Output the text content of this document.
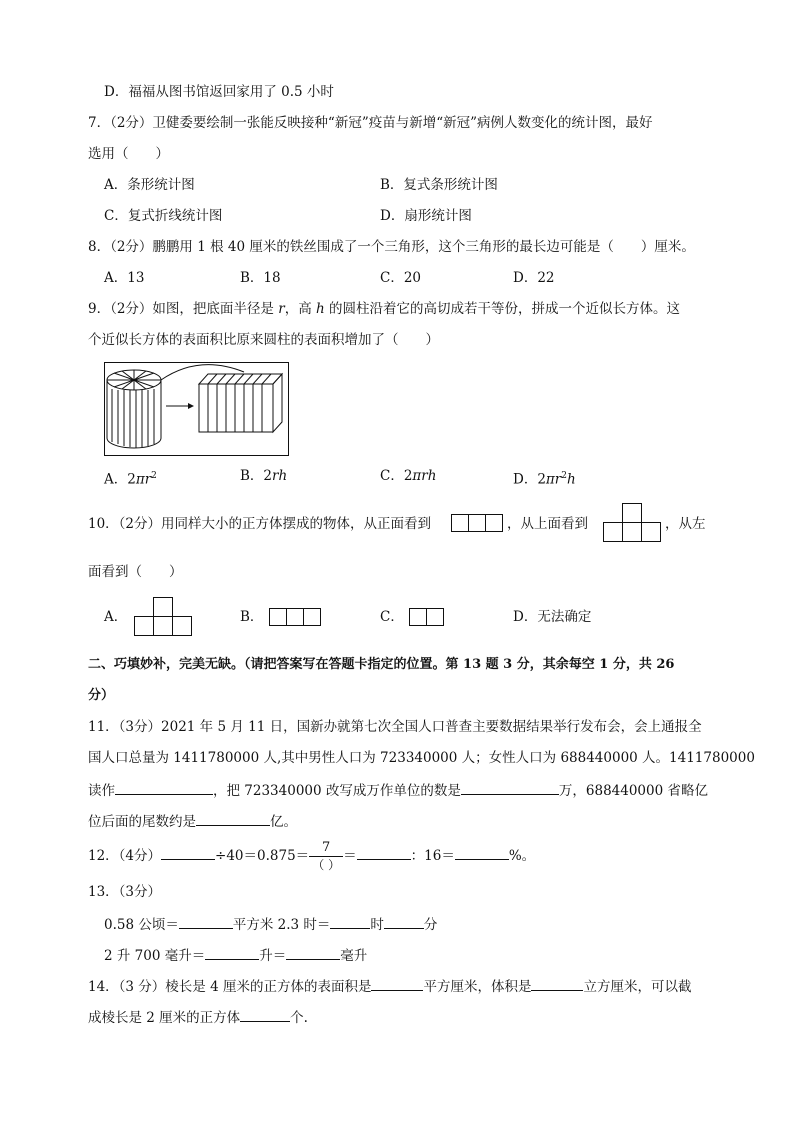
D．福福从图书馆返回家用了 0.5 小时
7．（2分）卫健委要绘制一张能反映接种“新冠”疫苗与新增“新冠”病例人数变化的统计图，最好
选用（　　）
A．条形统计图	B．复式条形统计图
C．复式折线统计图	D．扇形统计图
8．（2分）鹏鹏用 1 根 40 厘米的铁丝围成了一个三角形，这个三角形的最长边可能是（　　）厘米。
A．13	B．18	C．20	D．22
9．（2分）如图，把底面半径是 r，高 h 的圆柱沿着它的高切成若干等份，拼成一个近似长方体。这
个近似长方体的表面积比原来圆柱的表面积增加了（　　）
A．$2\pi r^2$	B．2rh	C．2πrh	D．$2\pi r^2h$
10．（2分）用同样大小的正方体摆成的物体，从正面看到	，从上面看到	，从左
面看到（　　）
A．	B．	C．	D．无法确定
二、巧填妙补，完美无缺。（请把答案写在答题卡指定的位置。第 13 题 3 分，其余每空 1 分，共 26
分）
11．（3分）2021 年 5 月 11 日，国新办就第七次全国人口普查主要数据结果举行发布会，会上通报全
国人口总量为 1411780000 人,其中男性人口为 723340000 人；女性人口为 688440000 人。1411780000
读作	，把 723340000 改写成万作单位的数是	万，688440000 省略亿
位后面的尾数约是	亿。
12．（4分）	$\div 40=0.875= \frac{7}{( )}$ ＝	：16＝	%。
13．（3分）
0.58 公顷＝	平方米 2.3 时＝	时	分
2 升 700 毫升＝	升＝	毫升
14．（3 分）棱长是 4 厘米的正方体的表面积是	平方厘米，体积是	立方厘米，可以截
成棱长是 2 厘米的正方体	个.
